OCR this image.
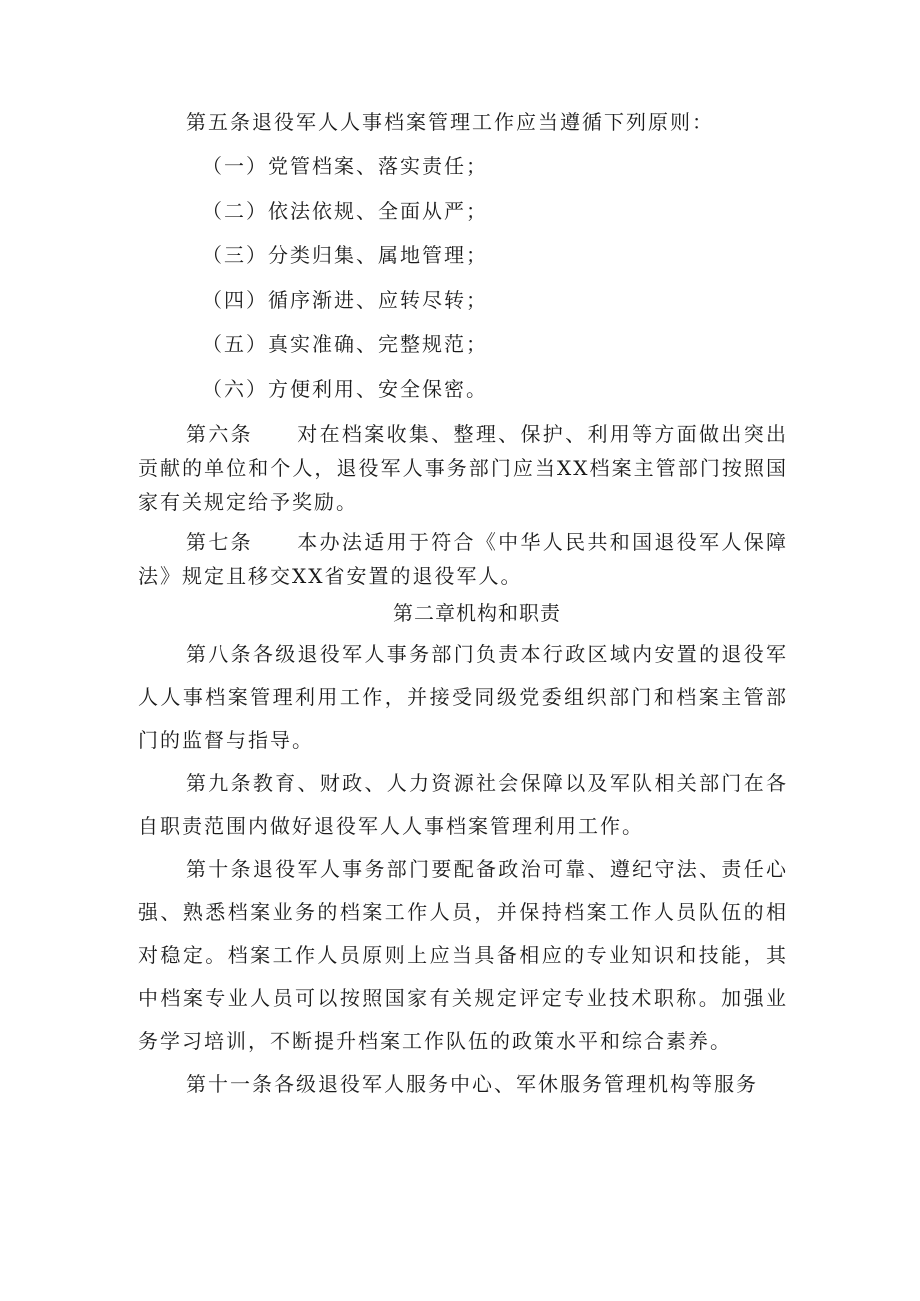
第五条退役军人人事档案管理工作应当遵循下列原则：

（一）党管档案、落实责任；

（二）依法依规、全面从严；

（三）分类归集、属地管理；

（四）循序渐进、应转尽转；

（五）真实准确、完整规范；

（六）方便利用、安全保密。

第六条 对在档案收集、整理、保护、利用等方面做出突出贡献的单位和个人，退役军人事务部门应当XX档案主管部门按照国家有关规定给予奖励。

第七条 本办法适用于符合《中华人民共和国退役军人保障法》规定且移交XX省安置的退役军人。

第二章机构和职责

第八条各级退役军人事务部门负责本行政区域内安置的退役军人人事档案管理利用工作，并接受同级党委组织部门和档案主管部门的监督与指导。

第九条教育、财政、人力资源社会保障以及军队相关部门在各自职责范围内做好退役军人人事档案管理利用工作。

第十条退役军人事务部门要配备政治可靠、遵纪守法、责任心强、熟悉档案业务的档案工作人员，并保持档案工作人员队伍的相对稳定。档案工作人员原则上应当具备相应的专业知识和技能，其中档案专业人员可以按照国家有关规定评定专业技术职称。加强业务学习培训，不断提升档案工作队伍的政策水平和综合素养。

第十一条各级退役军人服务中心、军休服务管理机构等服务
